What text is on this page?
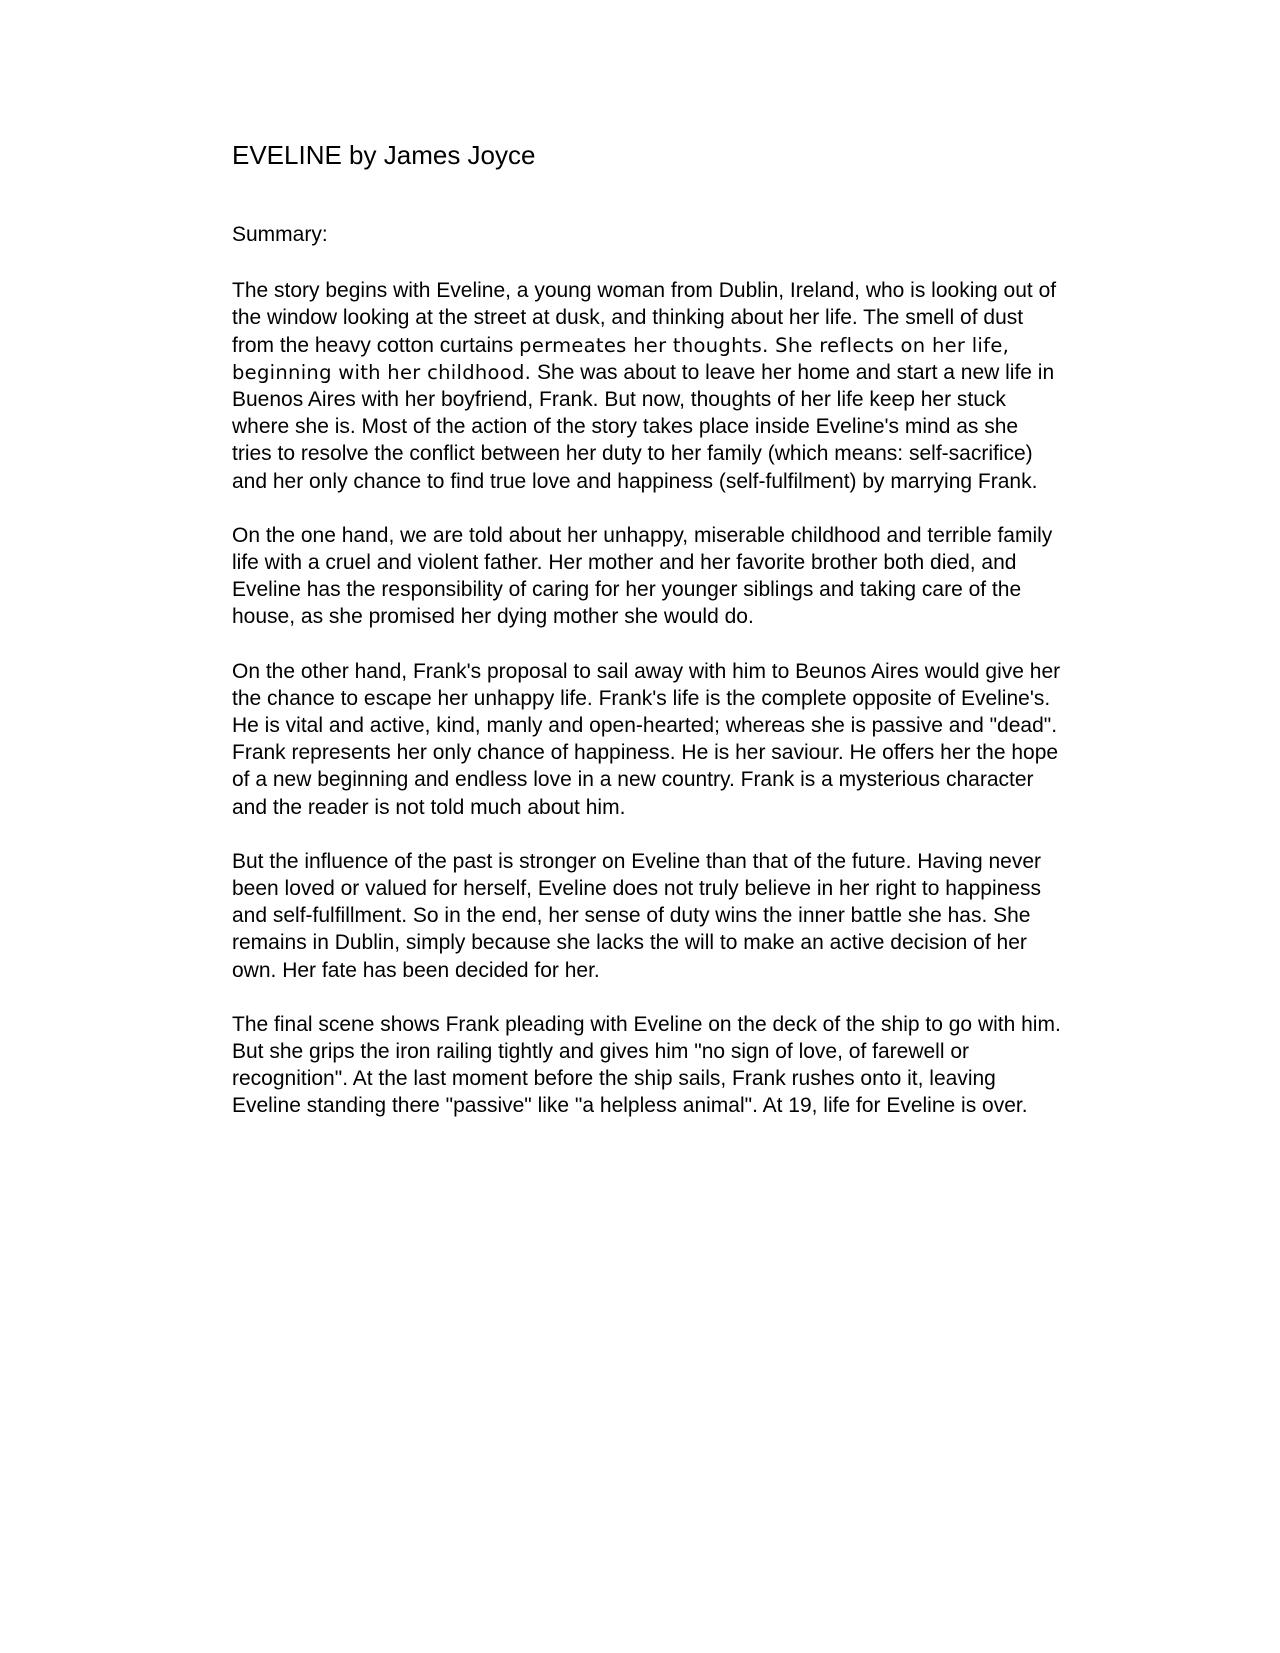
EVELINE by James Joyce

Summary:

The story begins with Eveline, a young woman from Dublin, Ireland, who is looking out of the window looking at the street at dusk, and thinking about her life. The smell of dust from the heavy cotton curtains permeates her thoughts. She reflects on her life, beginning with her childhood. She was about to leave her home and start a new life in Buenos Aires with her boyfriend, Frank. But now, thoughts of her life keep her stuck where she is. Most of the action of the story takes place inside Eveline's mind as she tries to resolve the conflict between her duty to her family (which means: self-sacrifice) and her only chance to find true love and happiness (self-fulfilment) by marrying Frank.

On the one hand, we are told about her unhappy, miserable childhood and terrible family life with a cruel and violent father. Her mother and her favorite brother both died, and Eveline has the responsibility of caring for her younger siblings and taking care of the house, as she promised her dying mother she would do.

On the other hand, Frank's proposal to sail away with him to Beunos Aires would give her the chance to escape her unhappy life. Frank's life is the complete opposite of Eveline's. He is vital and active, kind, manly and open-hearted; whereas she is passive and "dead". Frank represents her only chance of happiness. He is her saviour. He offers her the hope of a new beginning and endless love in a new country. Frank is a mysterious character and the reader is not told much about him.

But the influence of the past is stronger on Eveline than that of the future. Having never been loved or valued for herself, Eveline does not truly believe in her right to happiness and self-fulfillment. So in the end, her sense of duty wins the inner battle she has. She remains in Dublin, simply because she lacks the will to make an active decision of her own. Her fate has been decided for her.

The final scene shows Frank pleading with Eveline on the deck of the ship to go with him. But she grips the iron railing tightly and gives him "no sign of love, of farewell or recognition". At the last moment before the ship sails, Frank rushes onto it, leaving Eveline standing there "passive" like "a helpless animal". At 19, life for Eveline is over.
